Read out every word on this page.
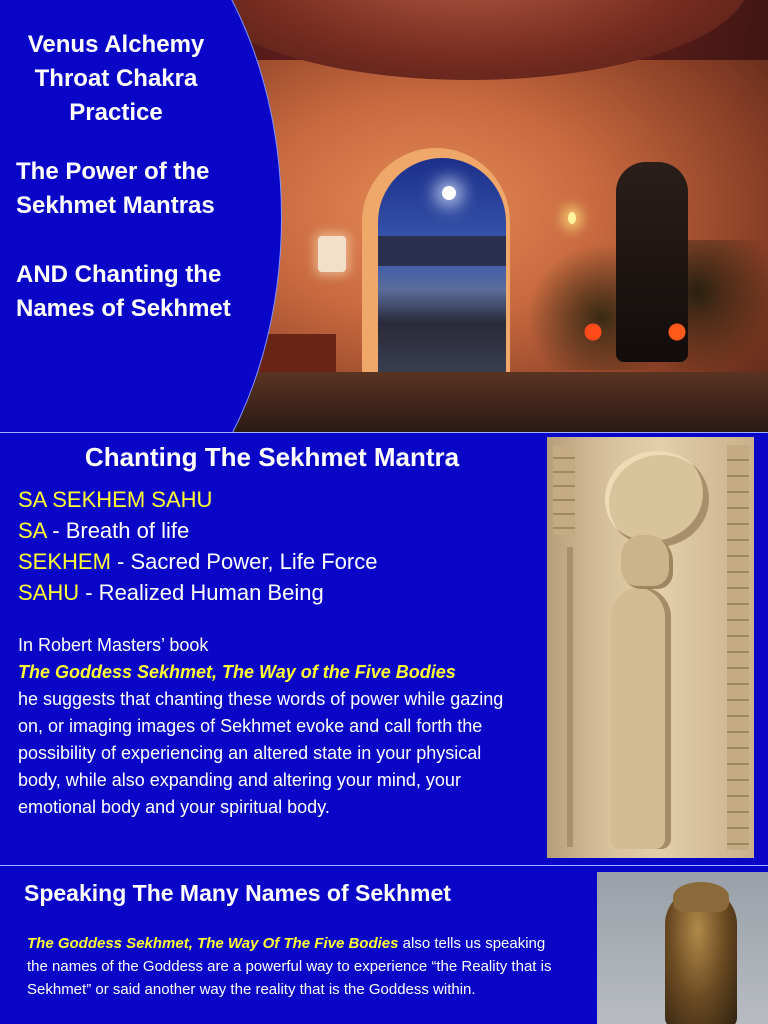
Venus Alchemy
Throat Chakra
Practice
The Power of the
Sekhmet Mantras
AND Chanting the
Names of Sekhmet
Chanting The Sekhmet Mantra
SA SEKHEM SAHU
SA - Breath of life
SEKHEM - Sacred Power, Life Force
SAHU - Realized Human Being
In Robert Masters’ book
The Goddess Sekhmet, The Way of the Five Bodies
he suggests that chanting these words of power while gazing on, or imaging images of Sekhmet evoke and call forth the possibility of experiencing an altered state in your physical body, while also expanding and altering your mind, your emotional body and your spiritual body.
Speaking The Many Names of Sekhmet
The Goddess Sekhmet, The Way Of The Five Bodies also tells us speaking the names of the Goddess are a powerful way to experience “the Reality that is Sekhmet” or said another way the reality that is the Goddess within.
